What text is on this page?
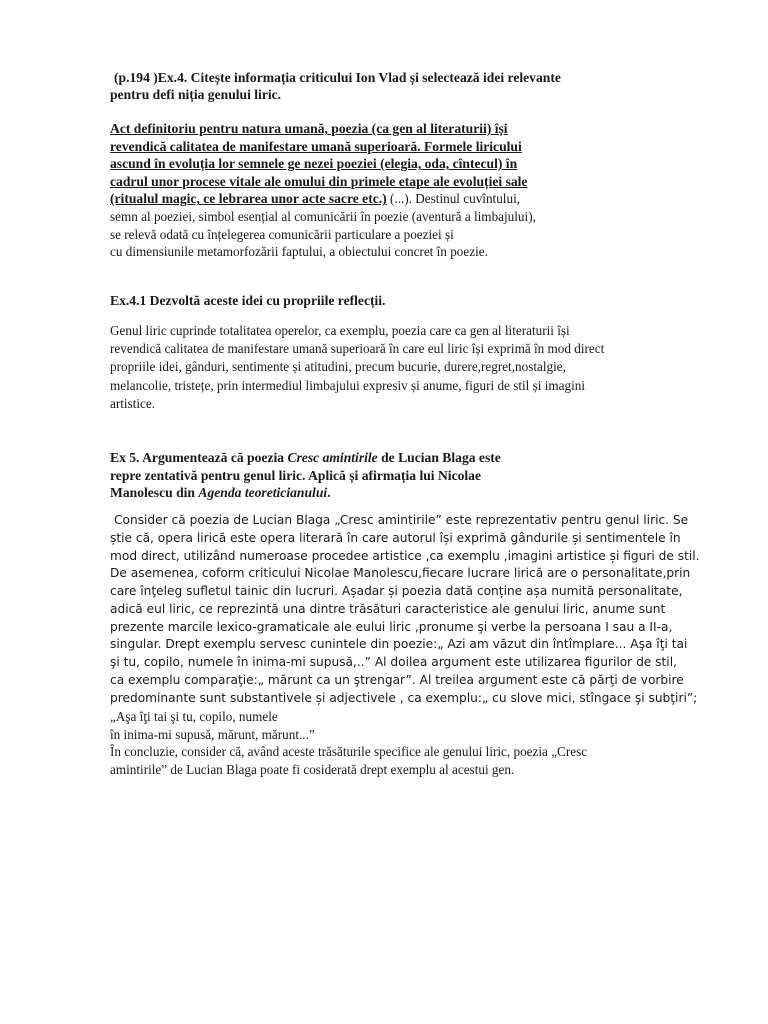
(p.194 )Ex.4. Citește informația criticului Ion Vlad și selectează idei relevante
pentru defi niția genului liric.
Act definitoriu pentru natura umană, poezia (ca gen al literaturii) își
revendică calitatea de manifestare umană superioară. Formele liricului
ascund în evoluția lor semnele ge nezei poeziei (elegia, oda, cîntecul) în
cadrul unor procese vitale ale omului din primele etape ale evoluției sale
(ritualul magic, ce lebrarea unor acte sacre etc.) (...). Destinul cuvîntului,
semn al poeziei, simbol esențial al comunicării în poezie (aventură a limbajului),
se relevă odată cu înțelegerea comunicării particulare a poeziei și
cu dimensiunile metamorfozării faptului, a obiectului concret în poezie.
Ex.4.1 Dezvoltă aceste idei cu propriile reflecții.
Genul liric cuprinde totalitatea operelor, ca exemplu, poezia care ca gen al literaturii își
revendică calitatea de manifestare umană superioară în care eul liric își exprimă în mod direct
propriile idei, gânduri, sentimente și atitudini, precum bucurie, durere,regret,nostalgie,
melancolie, tristețe, prin intermediul limbajului expresiv și anume, figuri de stil și imagini
artistice.
Ex 5. Argumentează că poezia Cresc amintirile de Lucian Blaga este
repre zentativă pentru genul liric. Aplică și afirmația lui Nicolae
Manolescu din Agenda teoreticianului.
Consider că poezia de Lucian Blaga „Cresc amintirile” este reprezentativ pentru genul liric. Se
știe că, opera lirică este opera literară în care autorul își exprimă gândurile și sentimentele în
mod direct, utilizând numeroase procedee artistice ,ca exemplu ,imagini artistice și figuri de stil.
De asemenea, coform criticului Nicolae Manolescu,fiecare lucrare lirică are o personalitate,prin
care înţeleg sufletul tainic din lucruri. Așadar și poezia dată conține așa numită personalitate,
adică eul liric, ce reprezintă una dintre trăsături caracteristice ale genului liric, anume sunt
prezente marcile lexico-gramaticale ale eului liric ,pronume şi verbe la persoana I sau a II-a,
singular. Drept exemplu servesc cunintele din poezie:„ Azi am văzut din întîmplare... Aşa îţi tai
şi tu, copilo, numele în inima-mi supusă,..” Al doilea argument este utilizarea figurilor de stil,
ca exemplu comparaţie:„ mărunt ca un ştrengar”. Al treilea argument este că părţi de vorbire
predominante sunt substantivele și adjectivele , ca exemplu:„ cu slove mici, stîngace şi subţiri”;
„Aşa îţi tai şi tu, copilo, numele
în inima-mi supusă, mărunt, mărunt...”
În concluzie, consider că, având aceste trăsăturile specifice ale genului liric, poezia „Cresc
amintirile” de Lucian Blaga poate fi cosiderată drept exemplu al acestui gen.
